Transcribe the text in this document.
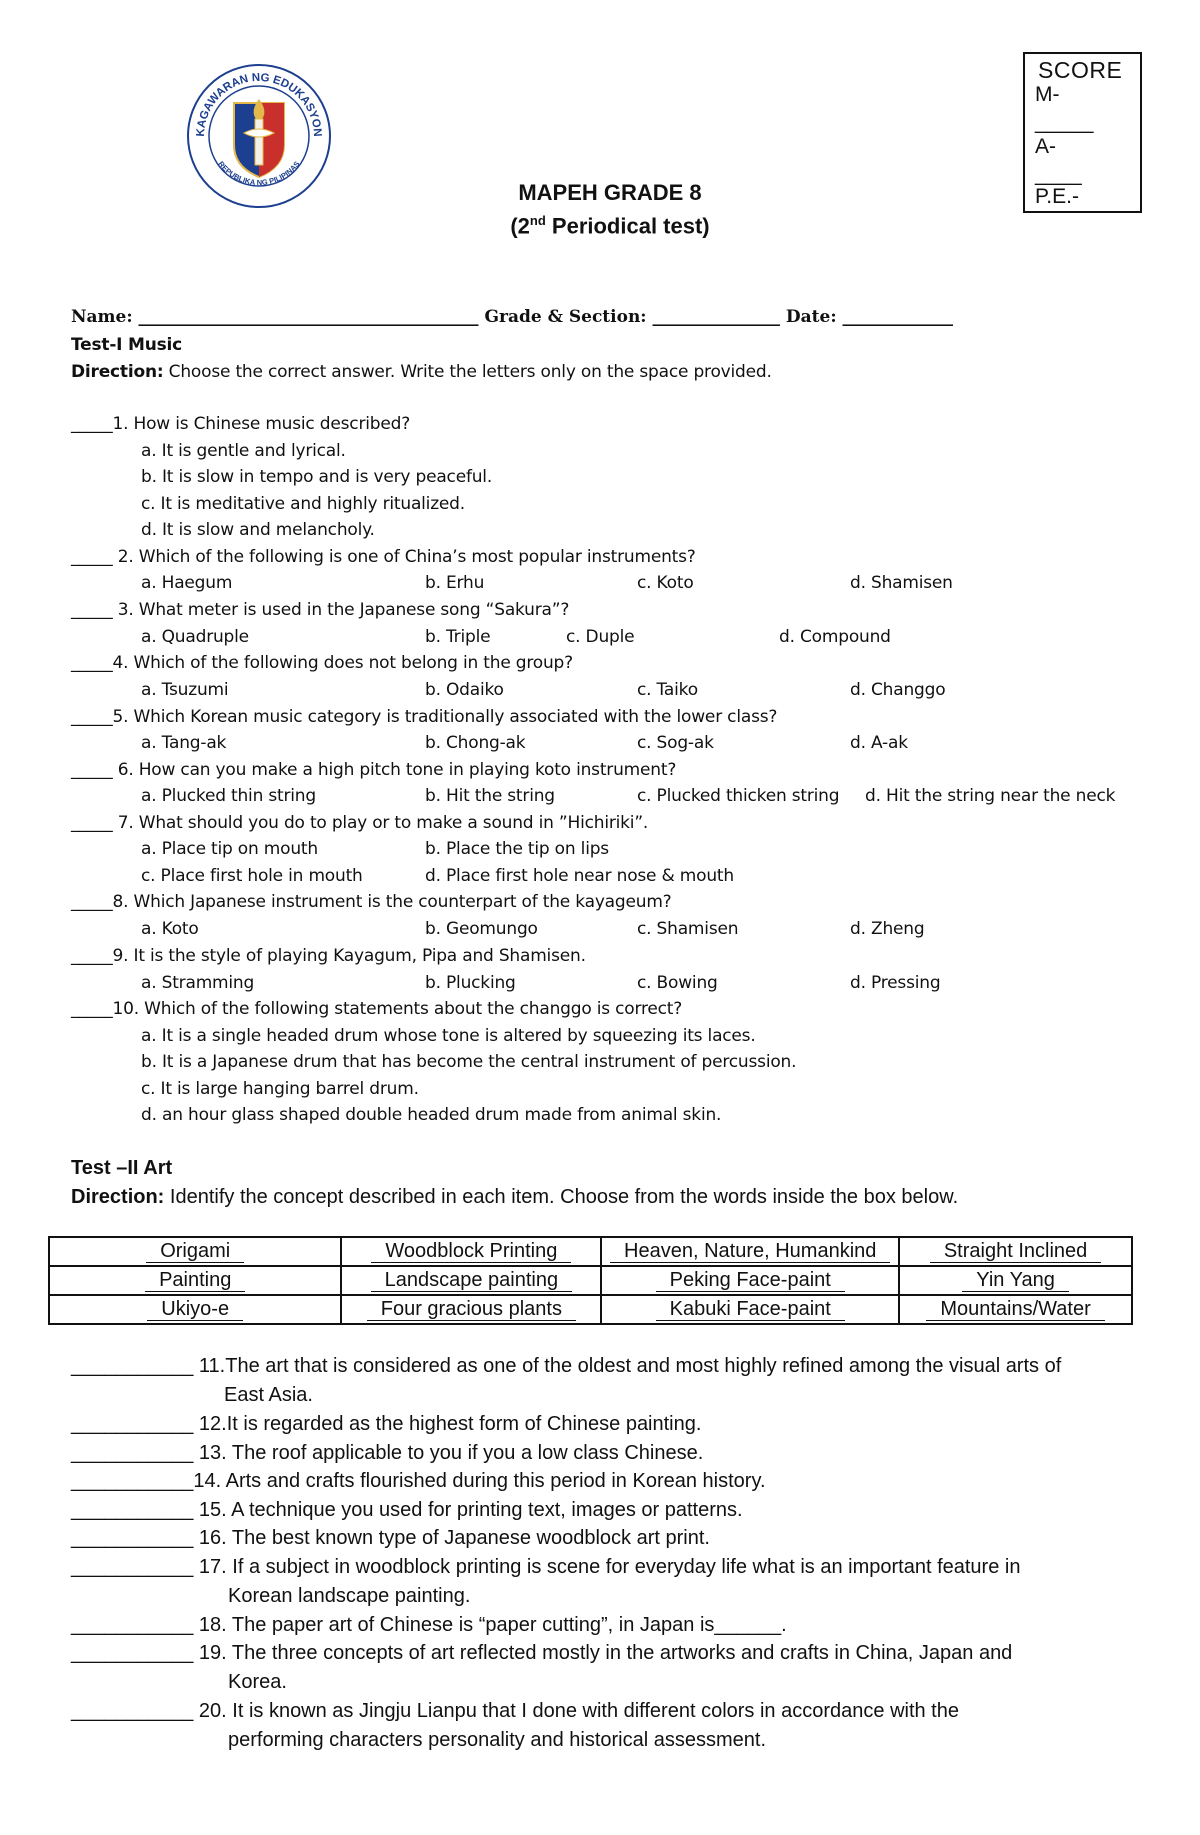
KAGAWARAN NG EDUKASYON
REPUBLIKA NG PILIPINAS
SCORE
M-
_____
A-
____
P.E.-
MAPEH GRADE 8
(2nd Periodical test)
Name: ________________________________________ Grade & Section: _______________ Date: _____________
Test-I Music
Direction: Choose the correct answer. Write the letters only on the space provided.
_____1. How is Chinese music described?
a. It is gentle and lyrical.
b. It is slow in tempo and is very peaceful.
c. It is meditative and highly ritualized.
d. It is slow and melancholy.
_____ 2. Which of the following is one of China’s most popular instruments?
a. Haegum	b. Erhu	c. Koto	d. Shamisen
_____ 3. What meter is used in the Japanese song “Sakura”?
a. Quadruple	b. Triple	c. Duple	d. Compound
_____4. Which of the following does not belong in the group?
a. Tsuzumi	b. Odaiko	c. Taiko	d. Changgo
_____5. Which Korean music category is traditionally associated with the lower class?
a. Tang-ak	b. Chong-ak	c. Sog-ak	d. A-ak
_____ 6. How can you make a high pitch tone in playing koto instrument?
a. Plucked thin string	b. Hit the string	c. Plucked thicken string d. Hit the string near the neck
_____ 7. What should you do to play or to make a sound in ”Hichiriki”.
a. Place tip on mouth	b. Place the tip on lips
c. Place first hole in mouth	d. Place first hole near nose & mouth
_____8. Which Japanese instrument is the counterpart of the kayageum?
a. Koto	b. Geomungo	c. Shamisen	d. Zheng
_____9. It is the style of playing Kayagum, Pipa and Shamisen.
a. Stramming	b. Plucking	c. Bowing	d. Pressing
_____10. Which of the following statements about the changgo is correct?
a. It is a single headed drum whose tone is altered by squeezing its laces.
b. It is a Japanese drum that has become the central instrument of percussion.
c. It is large hanging barrel drum.
d. an hour glass shaped double headed drum made from animal skin.
Test –II Art
Direction: Identify the concept described in each item. Choose from the words inside the box below.
Origami	Woodblock Printing	Heaven, Nature, Humankind	Straight Inclined
Painting	Landscape painting	Peking Face-paint	Yin Yang
Ukiyo-e	Four gracious plants	Kabuki Face-paint	Mountains/Water
___________ 11.The art that is considered as one of the oldest and most highly refined among the visual arts of
East Asia.
___________ 12.It is regarded as the highest form of Chinese painting.
___________ 13. The roof applicable to you if you a low class Chinese.
___________14. Arts and crafts flourished during this period in Korean history.
___________ 15. A technique you used for printing text, images or patterns.
___________ 16. The best known type of Japanese woodblock art print.
___________ 17. If a subject in woodblock printing is scene for everyday life what is an important feature in
Korean landscape painting.
___________ 18. The paper art of Chinese is “paper cutting”, in Japan is______.
___________ 19. The three concepts of art reflected mostly in the artworks and crafts in China, Japan and
Korea.
___________ 20. It is known as Jingju Lianpu that I done with different colors in accordance with the
performing characters personality and historical assessment.
